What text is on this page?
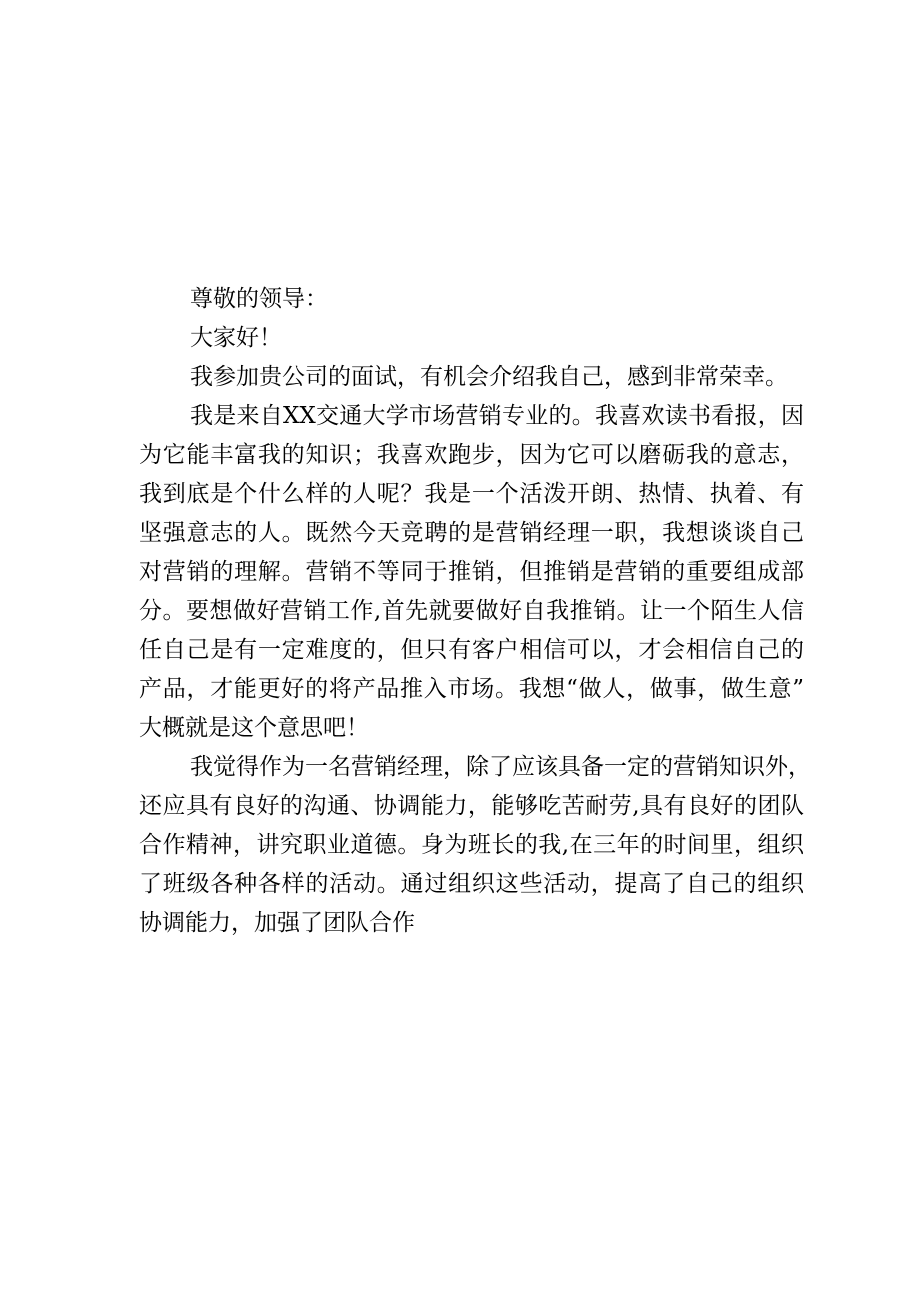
尊敬的领导：
大家好！
我参加贵公司的面试，有机会介绍我自己，感到非常荣幸。
我是来自XX交通大学市场营销专业的。我喜欢读书看报，因
为它能丰富我的知识；我喜欢跑步，因为它可以磨砺我的意志，
我到底是个什么样的人呢？我是一个活泼开朗、热情、执着、有
坚强意志的人。既然今天竞聘的是营销经理一职，我想谈谈自己
对营销的理解。营销不等同于推销，但推销是营销的重要组成部
分。要想做好营销工作,首先就要做好自我推销。让一个陌生人信
任自己是有一定难度的，但只有客户相信可以，才会相信自己的
产品，才能更好的将产品推入市场。我想“做人，做事，做生意”
大概就是这个意思吧！
我觉得作为一名营销经理，除了应该具备一定的营销知识外，
还应具有良好的沟通、协调能力，能够吃苦耐劳,具有良好的团队
合作精神，讲究职业道德。身为班长的我,在三年的时间里，组织
了班级各种各样的活动。通过组织这些活动，提高了自己的组织
协调能力，加强了团队合作
